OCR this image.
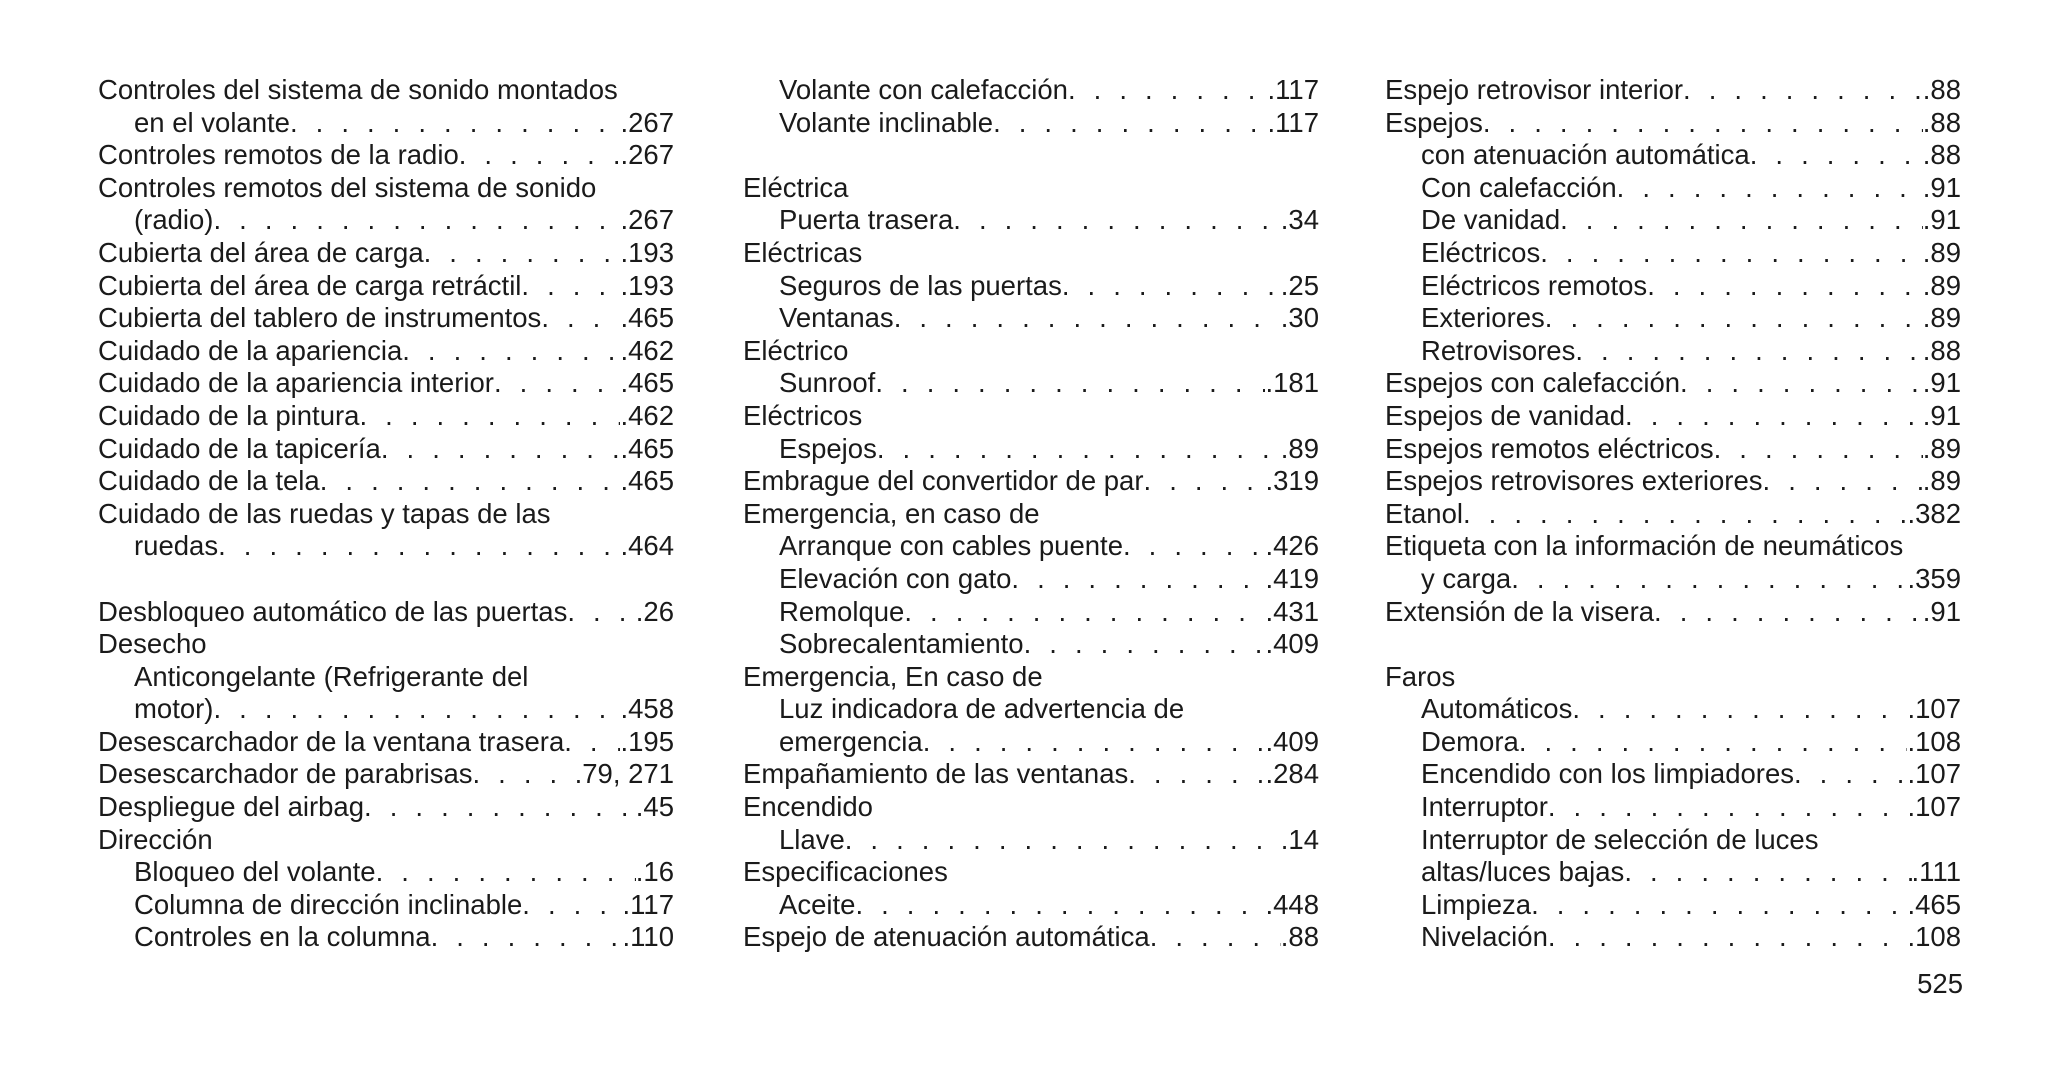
Controles del sistema de sonido montados
en el volante . . .	.267
Controles remotos de la radio . . .	.267
Controles remotos del sistema de sonido
(radio) . . .	.267
Cubierta del área de carga . . .	.193
Cubierta del área de carga retráctil . . .	.193
Cubierta del tablero de instrumentos . . .	.465
Cuidado de la apariencia . . .	.462
Cuidado de la apariencia interior . . .	.465
Cuidado de la pintura . . .	.462
Cuidado de la tapicería . . .	.465
Cuidado de la tela . . .	.465
Cuidado de las ruedas y tapas de las
ruedas . . .	.464
Desbloqueo automático de las puertas . . . .26
Desecho
Anticongelante (Refrigerante del
motor) . . .	.458
Desescarchador de la ventana trasera . . . .195
Desescarchador de parabrisas . . .	.79, 271
Despliegue del airbag . . .	.45
Dirección
Bloqueo del volante . . .	.16
Columna de dirección inclinable . . .	.117
Controles en la columna . . .	.110
Volante con calefacción . . .	.117
Volante inclinable . . .	.117
Eléctrica
Puerta trasera . . .	.34
Eléctricas
Seguros de las puertas . . .	.25
Ventanas . . .	.30
Eléctrico
Sunroof . . .	.181
Eléctricos
Espejos . . .	.89
Embrague del convertidor de par . . .	.319
Emergencia, en caso de
Arranque con cables puente . . .	.426
Elevación con gato . . .	.419
Remolque . . .	.431
Sobrecalentamiento . . .	.409
Emergencia, En caso de
Luz indicadora de advertencia de
emergencia . . .	.409
Empañamiento de las ventanas . . .	.284
Encendido
Llave . . .	.14
Especificaciones
Aceite . . .	.448
Espejo de atenuación automática . . .	.88
Espejo retrovisor interior . . .	.88
Espejos . . .	.88
con atenuación automática . . .	.88
Con calefacción . . .	.91
De vanidad . . .	.91
Eléctricos . . .	.89
Eléctricos remotos . . .	.89
Exteriores . . .	.89
Retrovisores . . .	.88
Espejos con calefacción . . .	.91
Espejos de vanidad . . .	.91
Espejos remotos eléctricos . . .	.89
Espejos retrovisores exteriores . . .	.89
Etanol . . .	.382
Etiqueta con la información de neumáticos
y carga . . .	.359
Extensión de la visera . . .	.91
Faros
Automáticos . . .	.107
Demora . . .	.108
Encendido con los limpiadores . . .	.107
Interruptor . . .	.107
Interruptor de selección de luces
altas/luces bajas . . .	.111
Limpieza . . .	.465
Nivelación . . .	.108
525
